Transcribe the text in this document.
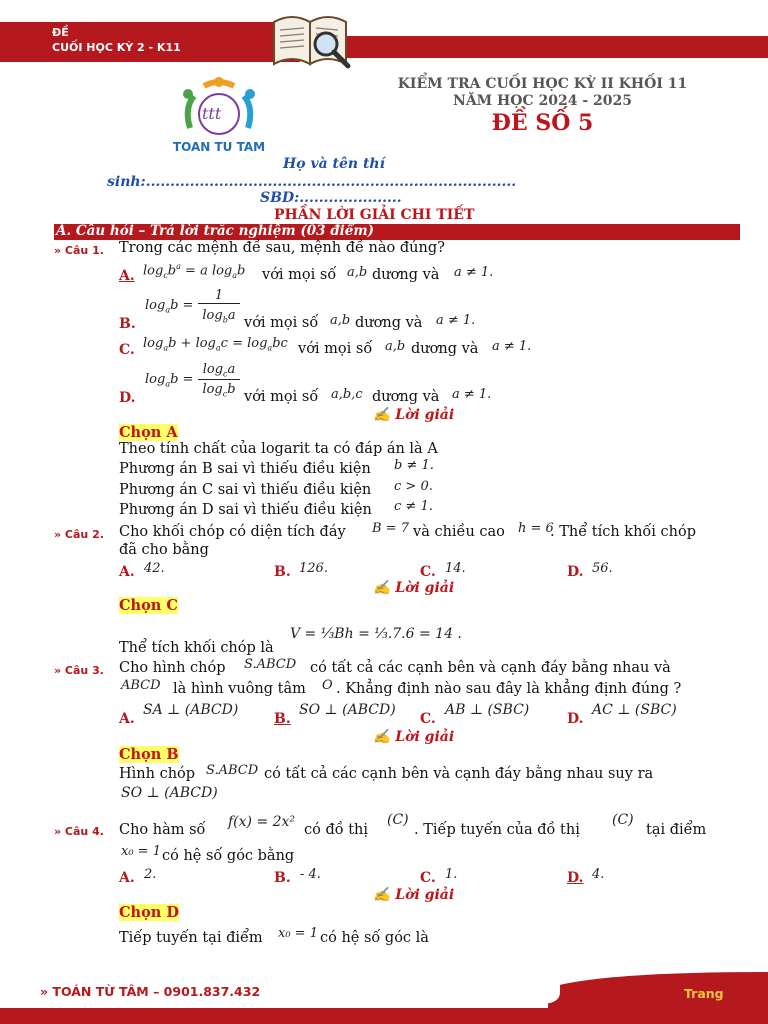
ĐỀ
CUỐI HỌC KỲ 2 - K11
KIỂM TRA CUỐI HỌC KỲ II KHỐI 11
NĂM HỌC 2024 - 2025
ĐỀ SỐ 5
ttt
TOAN TU TAM
Họ và tên thí
sinh:............................................................................
SBD:.....................
PHẦN LỜI GIẢI CHI TIẾT
A. Câu hỏi – Trả lời trắc nghiệm (03 điểm)
» Câu 1. Trong các mệnh đề sau, mệnh đề nào đúng?
A. $\log_cb^a = a$ $\log_ab$ với mọi số a,b dương và a ≠ 1.
B.
$\log_ab$ =
1
$\log_ba$ với mọi số a,b dương và a ≠ 1.
C. $\log_ab + \log_ac = \log_abc$ với mọi số a,b dương và a ≠ 1.
D.
$\log_ab$ =
$\log_ca$
$\log_cb$ với mọi số a,b,c dương và a ≠ 1.
✍ Lời giải
Chọn A
Theo tính chất của logarit ta có đáp án là A
Phương án B sai vì thiếu điều kiện b ≠ 1.
Phương án C sai vì thiếu điều kiện c > 0.
Phương án D sai vì thiếu điều kiện c ≠ 1.
» Câu 2. Cho khối chóp có diện tích đáy B = 7 và chiều cao h = 6
. Thể tích khối chóp
đã cho bằng
A. 42.	B. 126.	C. 14.	D. 56.
✍ Lời giải
Chọn C
Thể tích khối chóp là
V = ⅓Bh = ⅓.7.6 = 14 .
» Câu 3. Cho hình chóp S.ABCD có tất cả các cạnh bên và cạnh đáy bằng nhau và
ABCD là hình vuông tâm O . Khẳng định nào sau đây là khẳng định đúng ?
A.
SA ⊥ (ABCD)
B.
SO ⊥ (ABCD)
C.
AB ⊥ (SBC)
D.
AC ⊥ (SBC)
✍ Lời giải
Chọn B
Hình chóp S.ABCD có tất cả các cạnh bên và cạnh đáy bằng nhau suy ra
SO ⊥ (ABCD)
» Câu 4. Cho hàm số f(x) = 2x² có đồ thị
(C)
. Tiếp tuyến của đồ thị
(C)
tại điểm
x₀ = 1 có hệ số góc bằng
A. 2.	B. - 4.	C. 1.	D. 4.
✍ Lời giải
Chọn D
Tiếp tuyến tại điểm x₀ = 1 có hệ số góc là
» TOÁN TỪ TÂM – 0901.837.432	Trang
